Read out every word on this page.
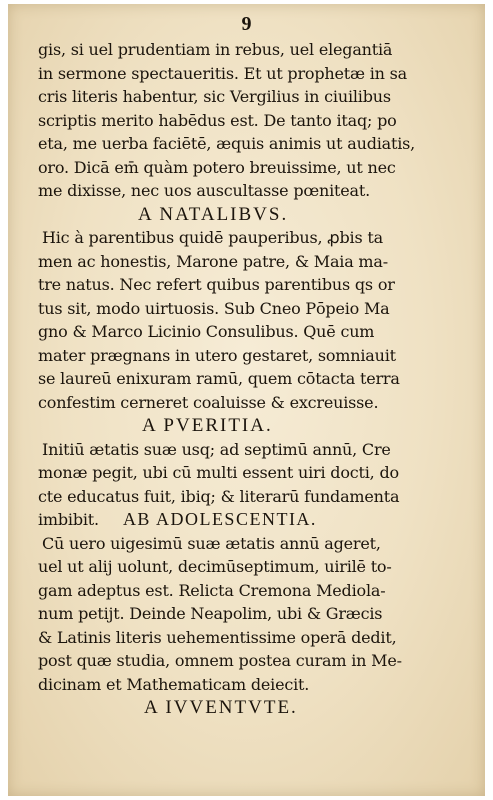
9
gis, si uel prudentiam in rebus, uel elegantiā
in sermone spectaueritis. Et ut prophetæ in sa
cris literis habentur, sic Vergilius in ciuilibus
scriptis merito habēdus est. De tanto itaq; po
eta, me uerba faciētē, æquis animis ut audiatis,
oro. Dicā em̄ quàm potero breuissime, ut nec
me dixisse, nec uos auscultasse pœniteat.
A NATALIBVS.
Hic à parentibus quidē pauperibus, ꝓbis ta
men ac honestis, Marone patre, & Maia ma-
tre natus. Nec refert quibus parentibus qs or
tus sit, modo uirtuosis. Sub Cneo Pōpeio Ma
gno & Marco Licinio Consulibus. Quē cum
mater prægnans in utero gestaret, somniauit
se laureū enixuram ramū, quem cōtacta terra
confestim cerneret coaluisse & excreuisse.
A PVERITIA.
Initiū ætatis suæ usq; ad septimū annū, Cre
monæ pegit, ubi cū multi essent uiri docti, do
cte educatus fuit, ibiq; & literarū fundamenta
imbibit. AB ADOLESCENTIA.
Cū uero uigesimū suæ ætatis annū ageret,
uel ut alij uolunt, decimūseptimum, uirilē to-
gam adeptus est. Relicta Cremona Mediola-
num petijt. Deinde Neapolim, ubi & Græcis
& Latinis literis uehementissime operā dedit,
post quæ studia, omnem postea curam in Me-
dicinam et Mathematicam deiecit.
A IVVENTVTE.
